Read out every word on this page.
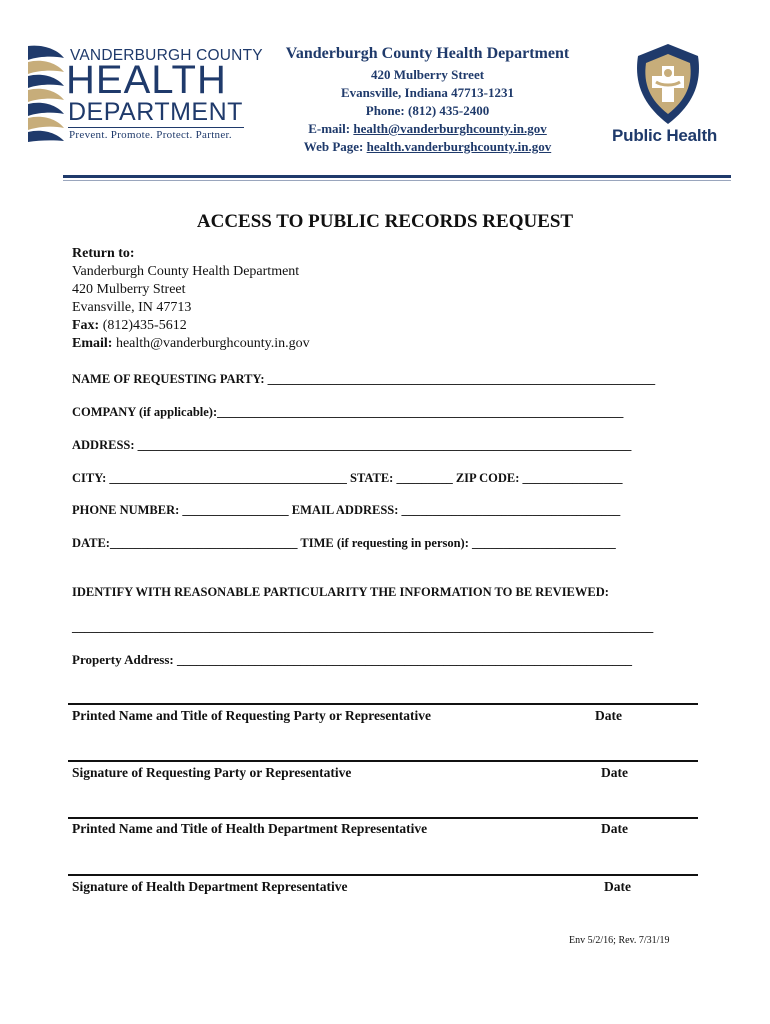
VANDERBURGH COUNTY
HEALTH
DEPARTMENT
Prevent. Promote. Protect. Partner.
Vanderburgh County Health Department
420 Mulberry Street
Evansville, Indiana 47713-1231
Phone: (812) 435-2400
E-mail: health@vanderburghcounty.in.gov
Web Page: health.vanderburghcounty.in.gov
Public Health
ACCESS TO PUBLIC RECORDS REQUEST
Return to:
Vanderburgh County Health Department
420 Mulberry Street
Evansville, IN 47713
Fax: (812)435-5612
Email: health@vanderburghcounty.in.gov
NAME OF REQUESTING PARTY: ______________________________________________________________
COMPANY (if applicable):_________________________________________________________________
ADDRESS: _______________________________________________________________________________
CITY: ______________________________________ STATE: _________ ZIP CODE: ________________
PHONE NUMBER: _________________ EMAIL ADDRESS: ___________________________________
DATE:______________________________ TIME (if requesting in person): _______________________
IDENTIFY WITH REASONABLE PARTICULARITY THE INFORMATION TO BE REVIEWED:
_____________________________________________________________________________________________
Property Address: ______________________________________________________________________
Printed Name and Title of Requesting Party or Representative	Date
Signature of Requesting Party or Representative	Date
Printed Name and Title of Health Department Representative	Date
Signature of Health Department Representative	Date
Env 5/2/16; Rev. 7/31/19
